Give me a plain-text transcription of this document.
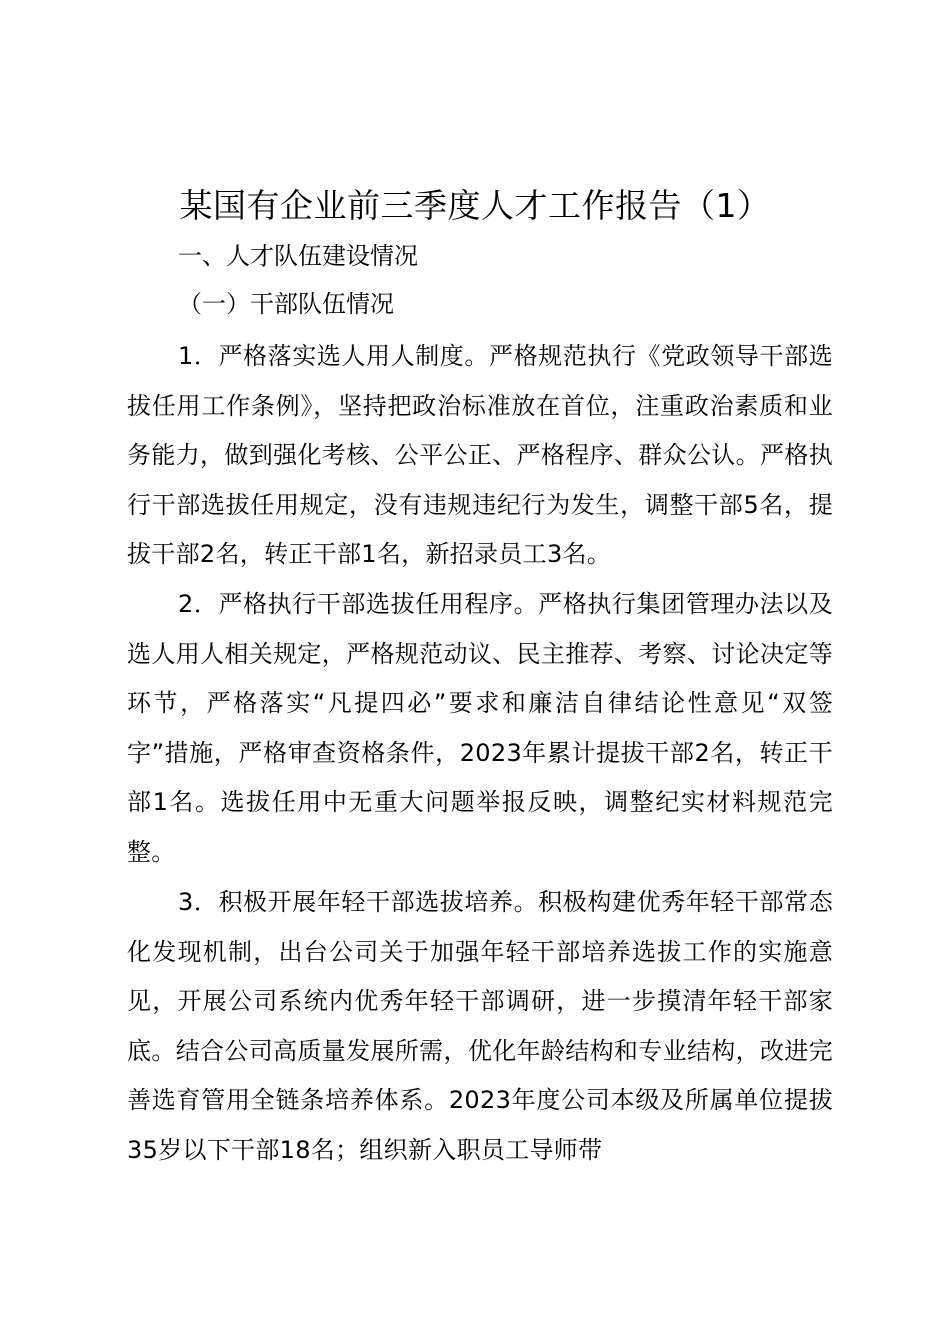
某国有企业前三季度人才工作报告（1）
一、人才队伍建设情况
（一）干部队伍情况

1．严格落实选人用人制度。严格规范执行《党政领导干部选拔任用工作条例》，坚持把政治标准放在首位，注重政治素质和业务能力，做到强化考核、公平公正、严格程序、群众公认。严格执行干部选拔任用规定，没有违规违纪行为发生，调整干部5名，提拔干部2名，转正干部1名，新招录员工3名。

2．严格执行干部选拔任用程序。严格执行集团管理办法以及选人用人相关规定，严格规范动议、民主推荐、考察、讨论决定等环节，严格落实“凡提四必”要求和廉洁自律结论性意见“双签字”措施，严格审查资格条件，2023年累计提拔干部2名，转正干部1名。选拔任用中无重大问题举报反映，调整纪实材料规范完整。

3．积极开展年轻干部选拔培养。积极构建优秀年轻干部常态化发现机制，出台公司关于加强年轻干部培养选拔工作的实施意见，开展公司系统内优秀年轻干部调研，进一步摸清年轻干部家底。结合公司高质量发展所需，优化年龄结构和专业结构，改进完善选育管用全链条培养体系。2023年度公司本级及所属单位提拔35岁以下干部18名；组织新入职员工导师带
